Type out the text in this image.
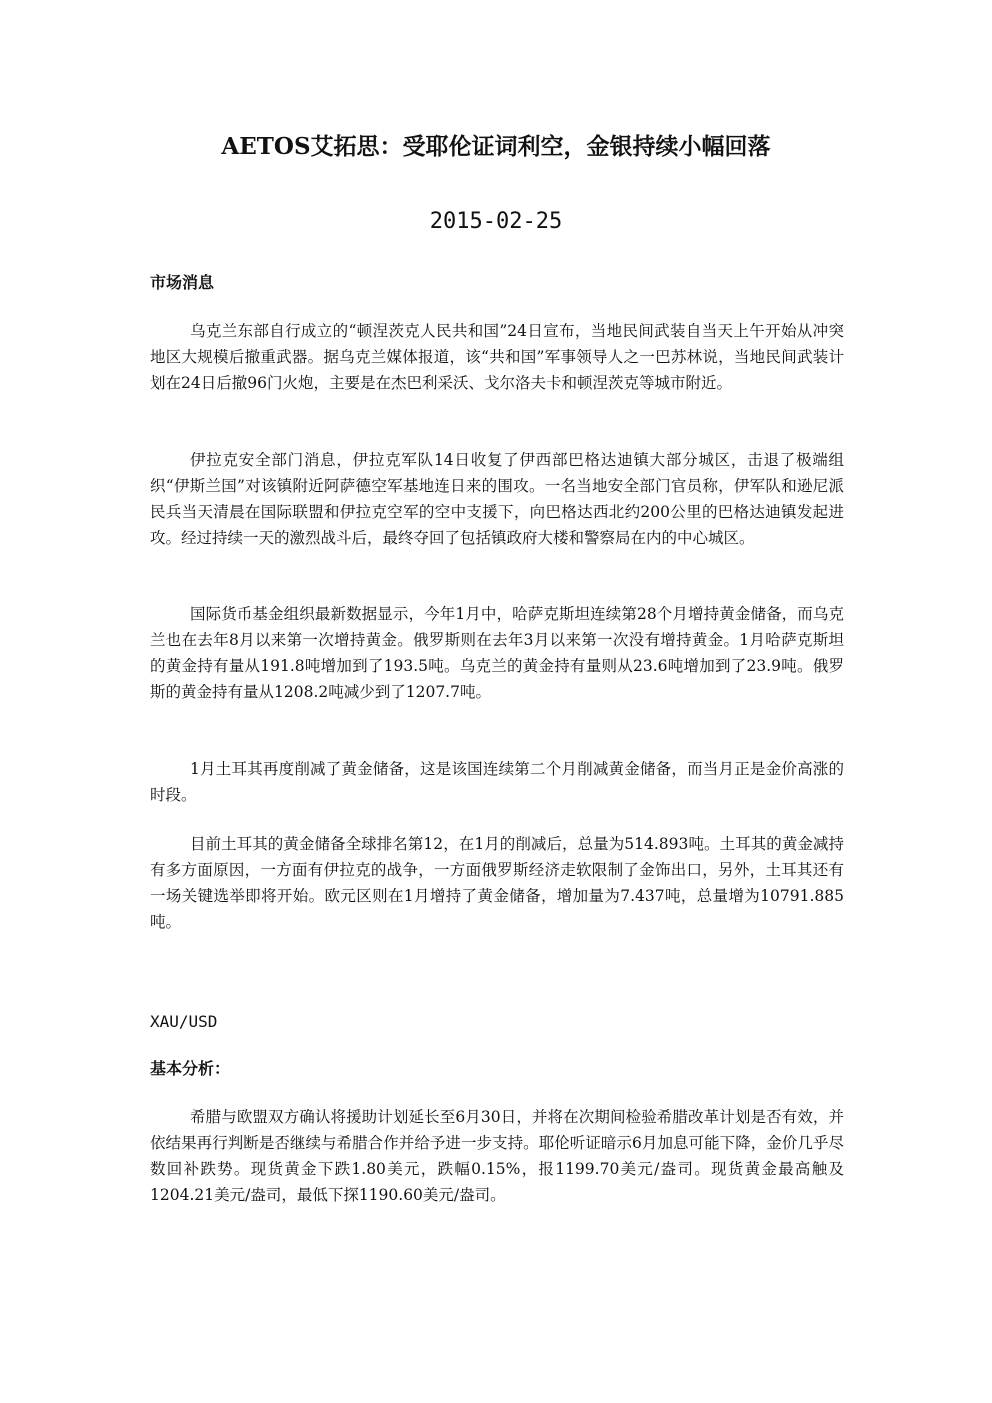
AETOS艾拓思：受耶伦证词利空，金银持续小幅回落
2015-02-25
市场消息

乌克兰东部自行成立的“顿涅茨克人民共和国”24日宣布，当地民间武装自当天上午开始从冲突地区大规模后撤重武器。据乌克兰媒体报道，该“共和国”军事领导人之一巴苏林说，当地民间武装计划在24日后撤96门火炮，主要是在杰巴利采沃、戈尔洛夫卡和顿涅茨克等城市附近。

伊拉克安全部门消息，伊拉克军队14日收复了伊西部巴格达迪镇大部分城区，击退了极端组织“伊斯兰国”对该镇附近阿萨德空军基地连日来的围攻。一名当地安全部门官员称，伊军队和逊尼派民兵当天清晨在国际联盟和伊拉克空军的空中支援下，向巴格达西北约200公里的巴格达迪镇发起进攻。经过持续一天的激烈战斗后，最终夺回了包括镇政府大楼和警察局在内的中心城区。

国际货币基金组织最新数据显示，今年1月中，哈萨克斯坦连续第28个月增持黄金储备，而乌克兰也在去年8月以来第一次增持黄金。俄罗斯则在去年3月以来第一次没有增持黄金。1月哈萨克斯坦的黄金持有量从191.8吨增加到了193.5吨。乌克兰的黄金持有量则从23.6吨增加到了23.9吨。俄罗斯的黄金持有量从1208.2吨减少到了1207.7吨。

1月土耳其再度削减了黄金储备，这是该国连续第二个月削减黄金储备，而当月正是金价高涨的时段。

目前土耳其的黄金储备全球排名第12，在1月的削减后，总量为514.893吨。土耳其的黄金减持有多方面原因，一方面有伊拉克的战争，一方面俄罗斯经济走软限制了金饰出口，另外，土耳其还有一场关键选举即将开始。欧元区则在1月增持了黄金储备，增加量为7.437吨，总量增为10791.885吨。

XAU/USD
基本分析：

希腊与欧盟双方确认将援助计划延长至6月30日，并将在次期间检验希腊改革计划是否有效，并依结果再行判断是否继续与希腊合作并给予进一步支持。耶伦听证暗示6月加息可能下降，金价几乎尽数回补跌势。现货黄金下跌1.80美元，跌幅0.15%，报1199.70美元/盎司。现货黄金最高触及1204.21美元/盎司，最低下探1190.60美元/盎司。
